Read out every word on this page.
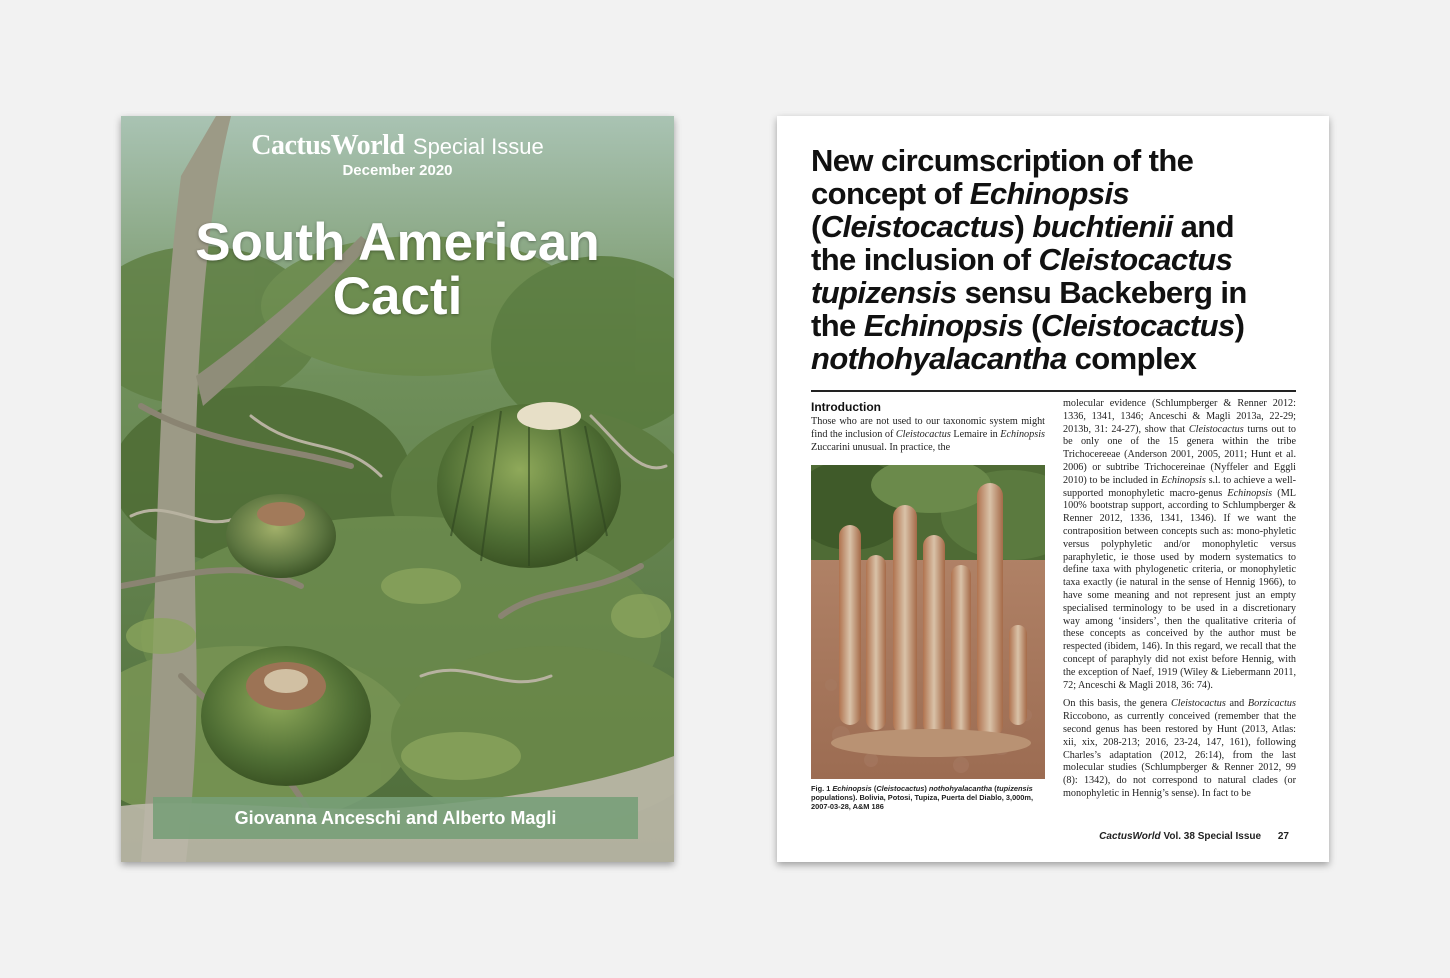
CactusWorld Special Issue
December 2020
South American
Cacti
Giovanna Anceschi and Alberto Magli
New circumscription of the
concept of Echinopsis
(Cleistocactus) buchtienii and
the inclusion of Cleistocactus
tupizensis sensu Backeberg in
the Echinopsis (Cleistocactus)
nothohyalacantha complex
Introduction

Those who are not used to our taxonomic system might find the inclusion of Cleistocactus Lemaire in Echinopsis Zuccarini unusual. In practice, the

Fig. 1 Echinopsis (Cleistocactus) nothohyalacantha (tupizensis populations). Bolivia, Potosi, Tupiza, Puerta del Diablo, 3,000m, 2007-03-28, A&M 186

molecular evidence (Schlumpberger & Renner 2012: 1336, 1341, 1346; Anceschi & Magli 2013a, 22-29; 2013b, 31: 24-27), show that Cleistocactus turns out to be only one of the 15 genera within the tribe Trichocereeae (Anderson 2001, 2005, 2011; Hunt et al. 2006) or subtribe Trichocereinae (Nyffeler and Eggli 2010) to be included in Echinopsis s.l. to achieve a well-supported monophyletic macro-genus Echinopsis (ML 100% bootstrap support, according to Schlumpberger & Renner 2012, 1336, 1341, 1346). If we want the contraposition between concepts such as: mono-phyletic versus polyphyletic and/or monophyletic versus paraphyletic, ie those used by modern systematics to define taxa with phylogenetic criteria, or monophyletic taxa exactly (ie natural in the sense of Hennig 1966), to have some meaning and not represent just an empty specialised terminology to be used in a discretionary way among ‘insiders’, then the qualitative criteria of these concepts as conceived by the author must be respected (ibidem, 146). In this regard, we recall that the concept of paraphyly did not exist before Hennig, with the exception of Naef, 1919 (Wiley & Liebermann 2011, 72; Anceschi & Magli 2018, 36: 74).

On this basis, the genera Cleistocactus and Borzicactus Riccobono, as currently conceived (remember that the second genus has been restored by Hunt (2013, Atlas: xii, xix, 208-213; 2016, 23-24, 147, 161), following Charles’s adaptation (2012, 26:14), from the last molecular studies (Schlumpberger & Renner 2012, 99 (8): 1342), do not correspond to natural clades (or monophyletic in Hennig’s sense). In fact to be

CactusWorld Vol. 38 Special Issue 27
